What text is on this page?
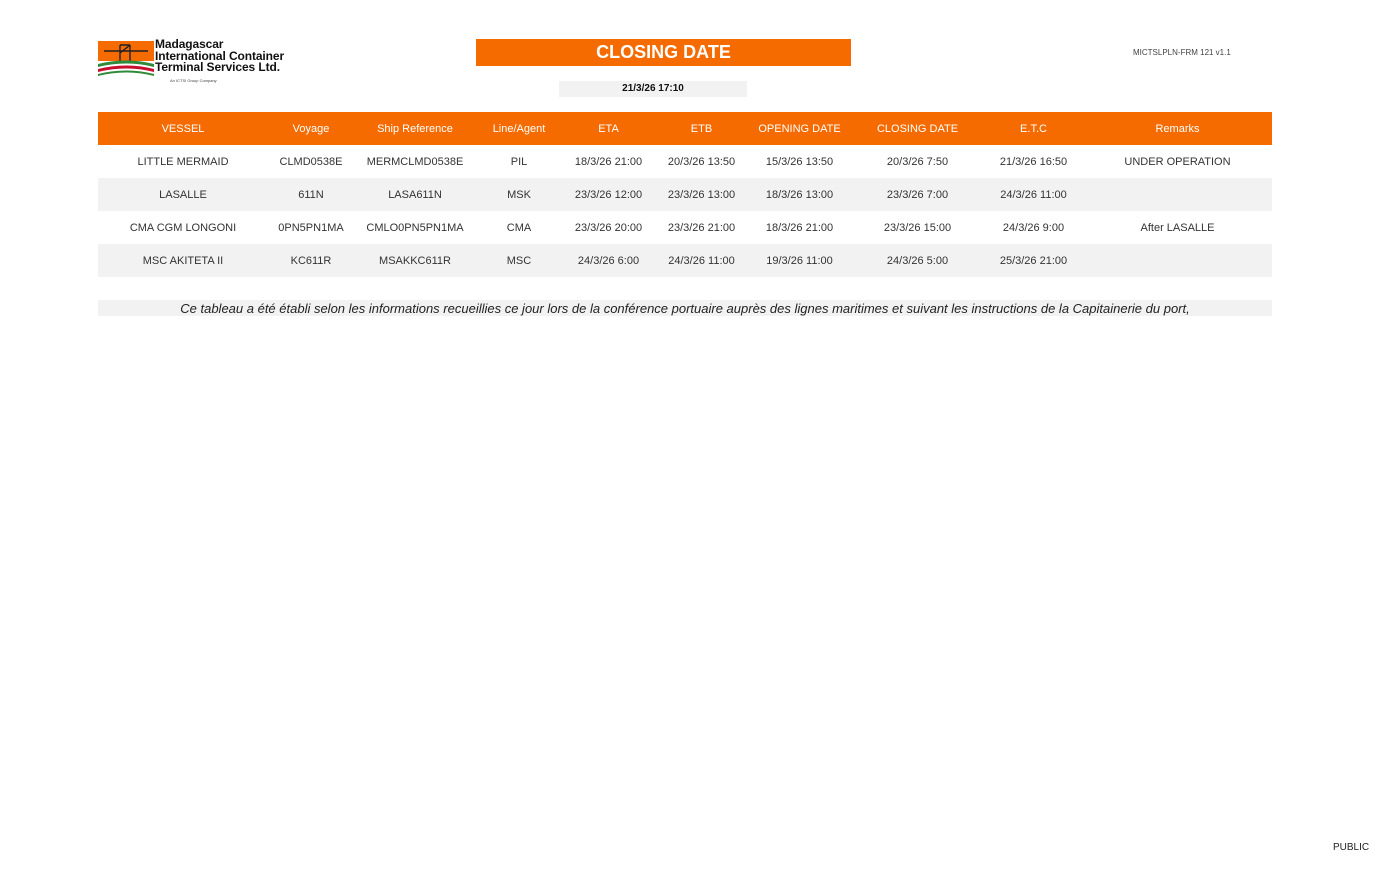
Madagascar
International Container
Terminal Services Ltd.
An ICTSI Group Company
CLOSING DATE	MICTSLPLN-FRM 121 v1.1
21/3/26 17:10
VESSEL	Voyage	Ship Reference	Line/Agent	ETA	ETB	OPENING DATE	CLOSING DATE	E.T.C	Remarks
LITTLE MERMAID	CLMD0538E	MERMCLMD0538E	PIL	18/3/26 21:00	20/3/26 13:50	15/3/26 13:50	20/3/26 7:50	21/3/26 16:50	UNDER OPERATION
LASALLE	611N	LASA611N	MSK	23/3/26 12:00	23/3/26 13:00	18/3/26 13:00	23/3/26 7:00	24/3/26 11:00	
CMA CGM LONGONI	0PN5PN1MA	CMLO0PN5PN1MA	CMA	23/3/26 20:00	23/3/26 21:00	18/3/26 21:00	23/3/26 15:00	24/3/26 9:00	After LASALLE
MSC AKITETA II	KC611R	MSAKKC611R	MSC	24/3/26 6:00	24/3/26 11:00	19/3/26 11:00	24/3/26 5:00	25/3/26 21:00	
Ce tableau a été établi selon les informations recueillies ce jour lors de la conférence portuaire auprès des lignes maritimes et suivant les instructions de la Capitainerie du port,
PUBLIC
